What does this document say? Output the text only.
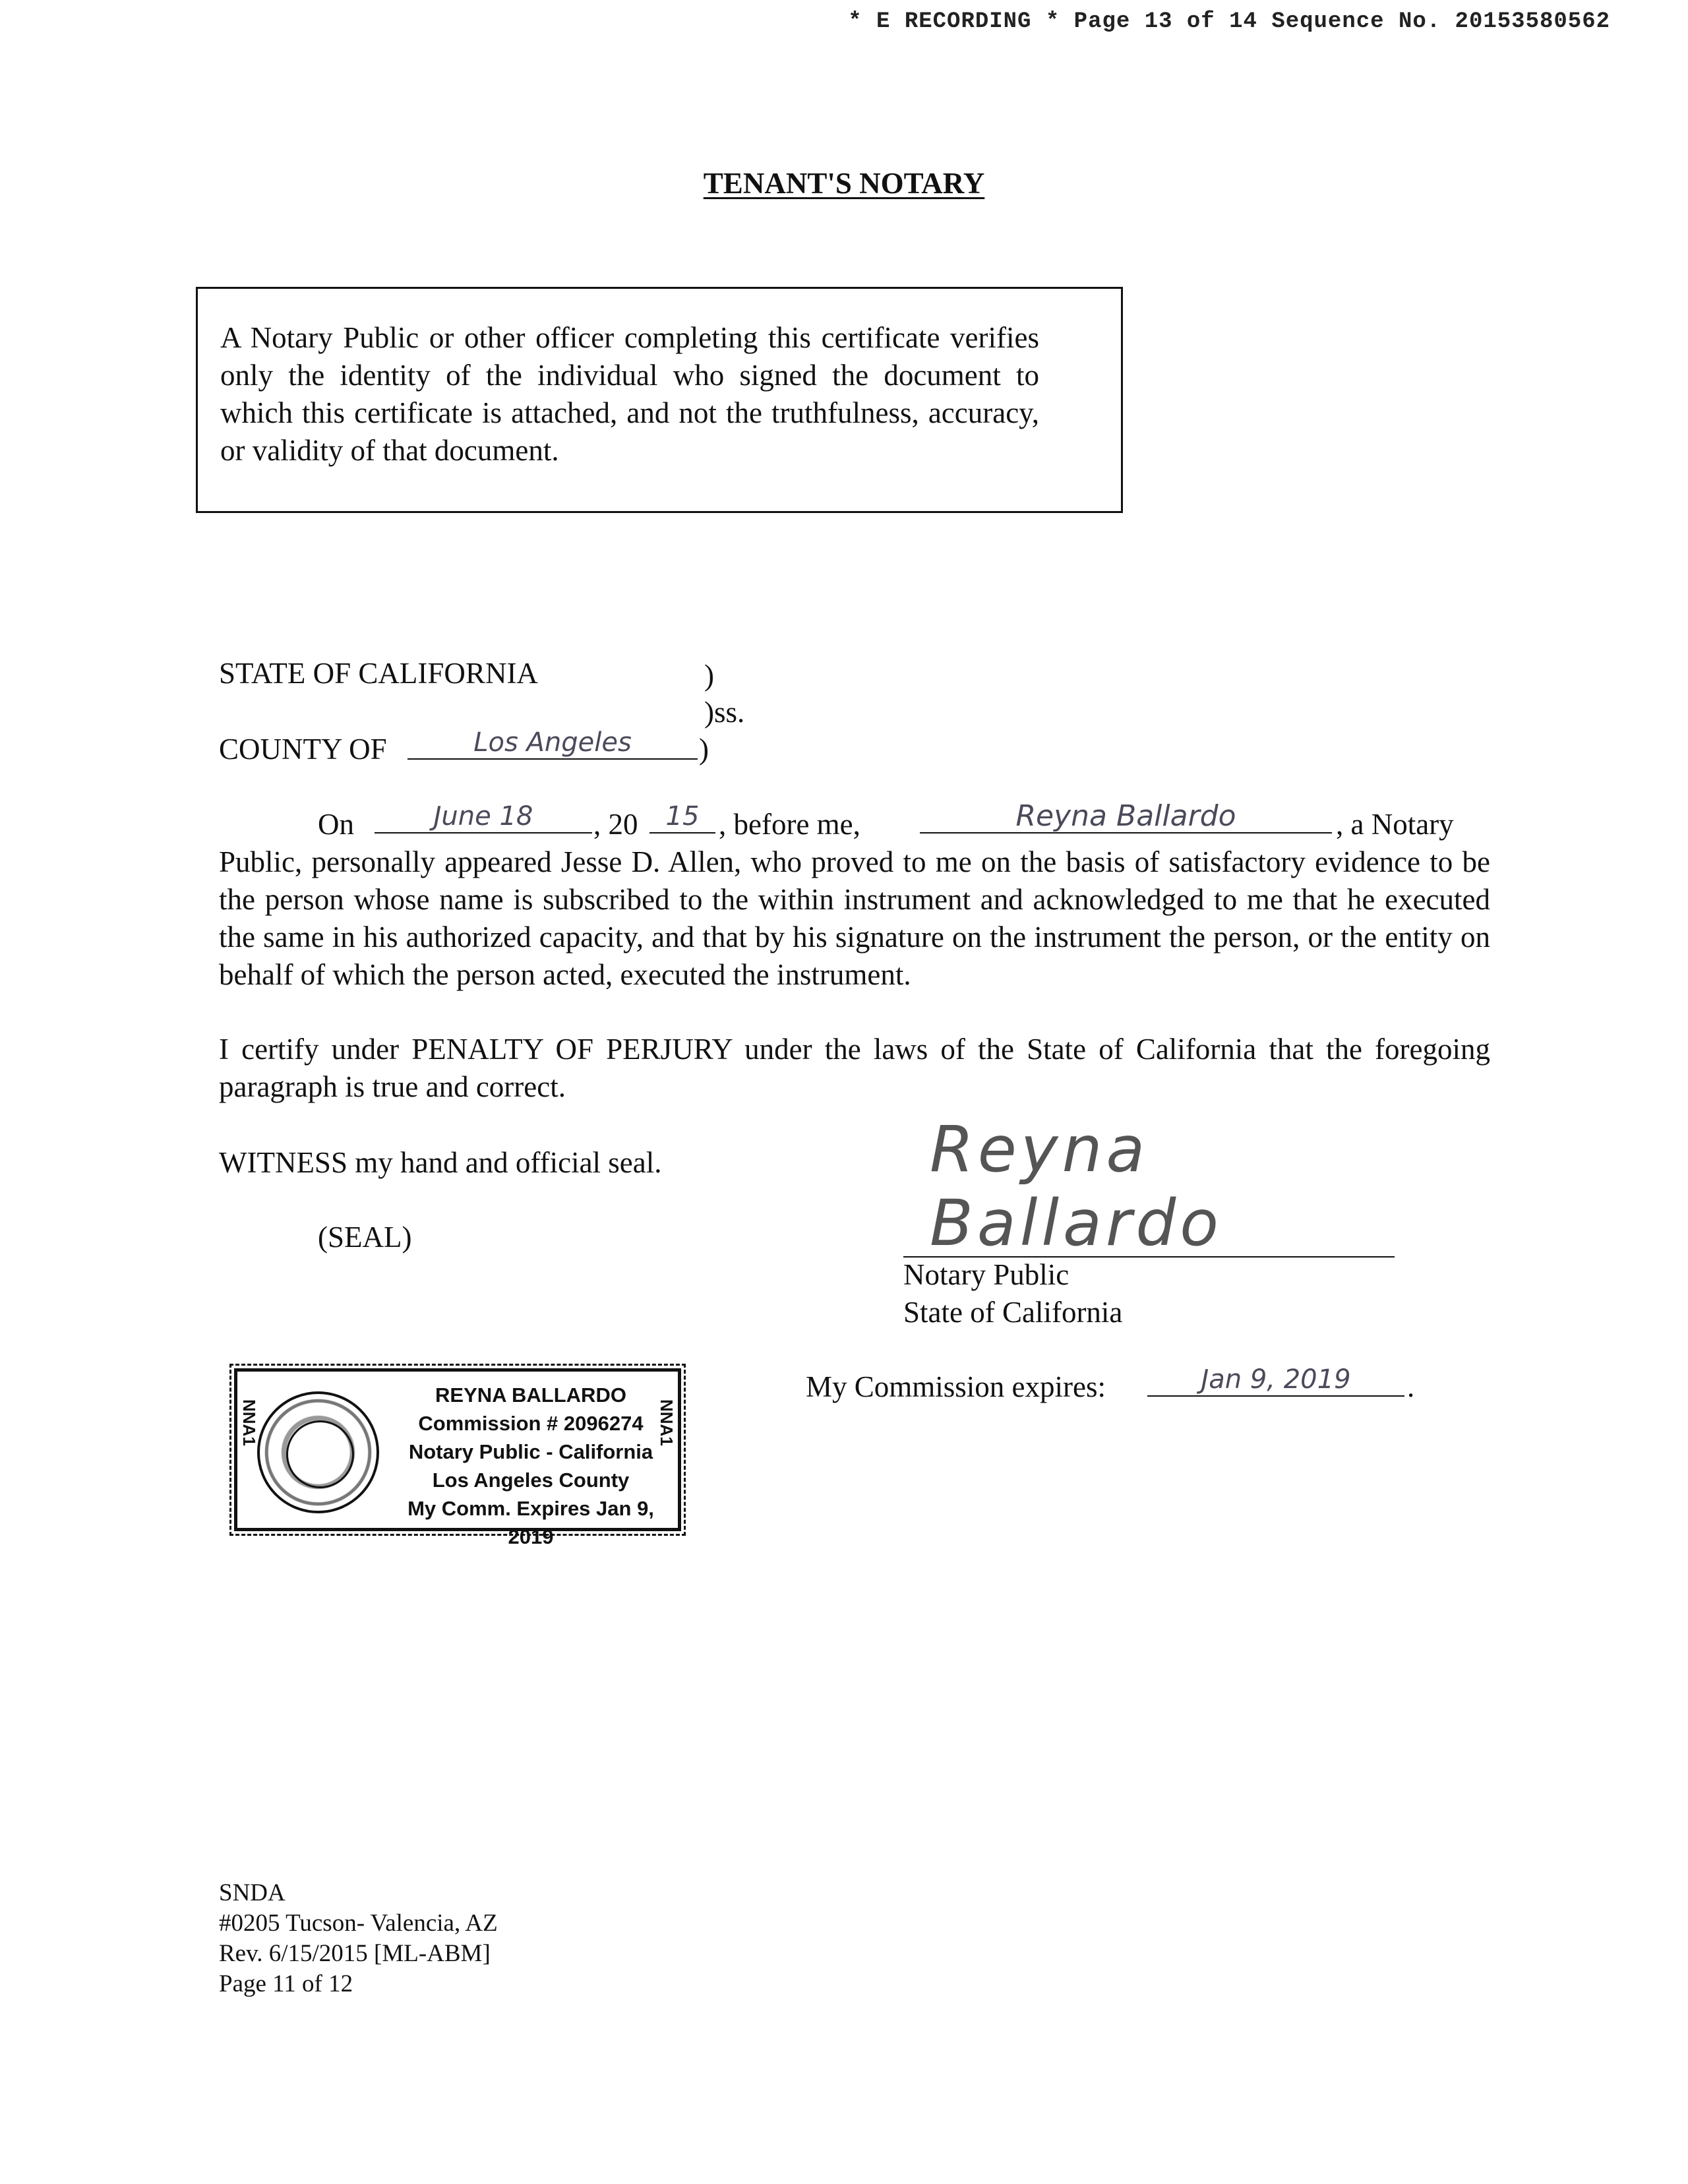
* E RECORDING * Page 13 of 14 Sequence No. 20153580562
TENANT'S NOTARY
A Notary Public or other officer completing this certificate verifies only the identity of the individual who signed the document to which this certificate is attached, and not the truthfulness, accuracy, or validity of that document.
STATE OF CALIFORNIA	)
)ss.
COUNTY OF	Los Angeles	)
On	June 18	, 20	15 , before me,	Reyna Ballardo	, a Notary
Public, personally appeared Jesse D. Allen, who proved to me on the basis of satisfactory evidence to be the person whose name is subscribed to the within instrument and acknowledged to me that he executed the same in his authorized capacity, and that by his signature on the instrument the person, or the entity on behalf of which the person acted, executed the instrument.
I certify under PENALTY OF PERJURY under the laws of the State of California that the foregoing paragraph is true and correct.
WITNESS my hand and official seal.
(SEAL)
Reyna Ballardo
Notary Public
State of California
My Commission expires:	Jan 9, 2019	.
NNA1
REYNA BALLARDO
Commission # 2096274
Notary Public - California
Los Angeles County
My Comm. Expires Jan 9, 2019
NNA1
SNDA
#0205 Tucson- Valencia, AZ
Rev. 6/15/2015 [ML-ABM]
Page 11 of 12
